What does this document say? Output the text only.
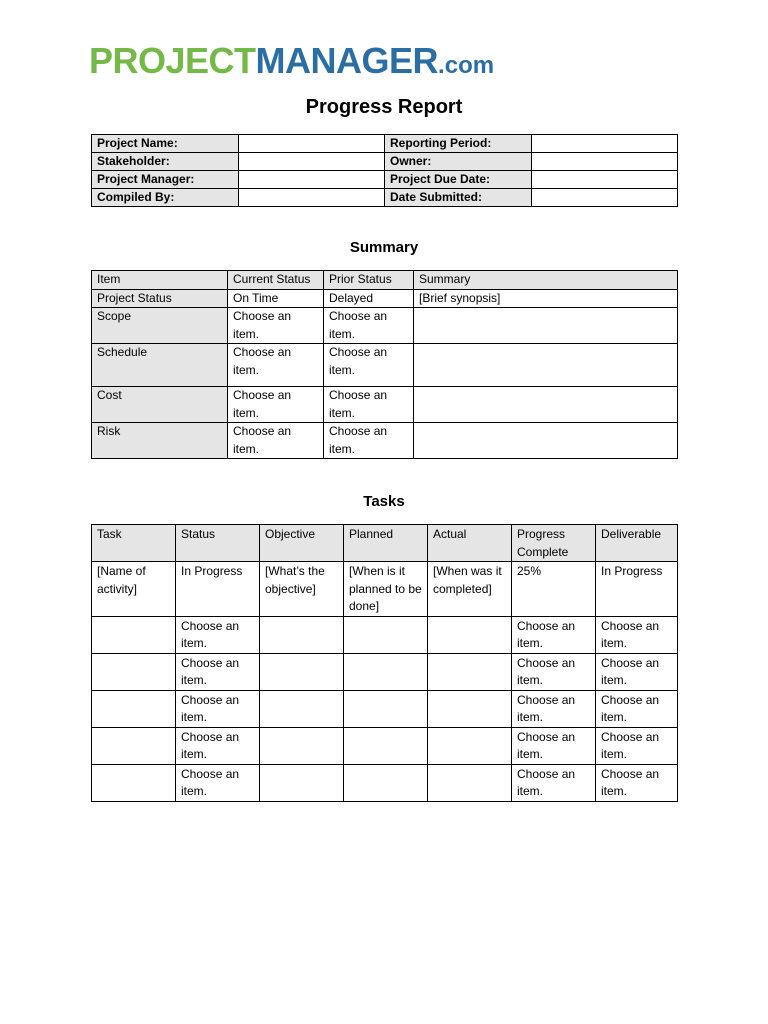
PROJECTMANAGER.com
Progress Report
Project Name:		Reporting Period:	
Stakeholder:		Owner:	
Project Manager:		Project Due Date:	
Compiled By:		Date Submitted:	
Summary
Item	Current Status	Prior Status	Summary
Project Status	On Time	Delayed	[Brief synopsis]
Scope	Choose an item.	Choose an item.	
Schedule	Choose an item.	Choose an item.	
Cost	Choose an item.	Choose an item.	
Risk	Choose an item.	Choose an item.	
Tasks
Task	Status	Objective	Planned	Actual	Progress Complete	Deliverable
[Name of activity]	In Progress	[What’s the objective]	[When is it planned to be done]	[When was it completed]	25%	In Progress
	Choose an item.				Choose an item.	Choose an item.
	Choose an item.				Choose an item.	Choose an item.
	Choose an item.				Choose an item.	Choose an item.
	Choose an item.				Choose an item.	Choose an item.
	Choose an item.				Choose an item.	Choose an item.
